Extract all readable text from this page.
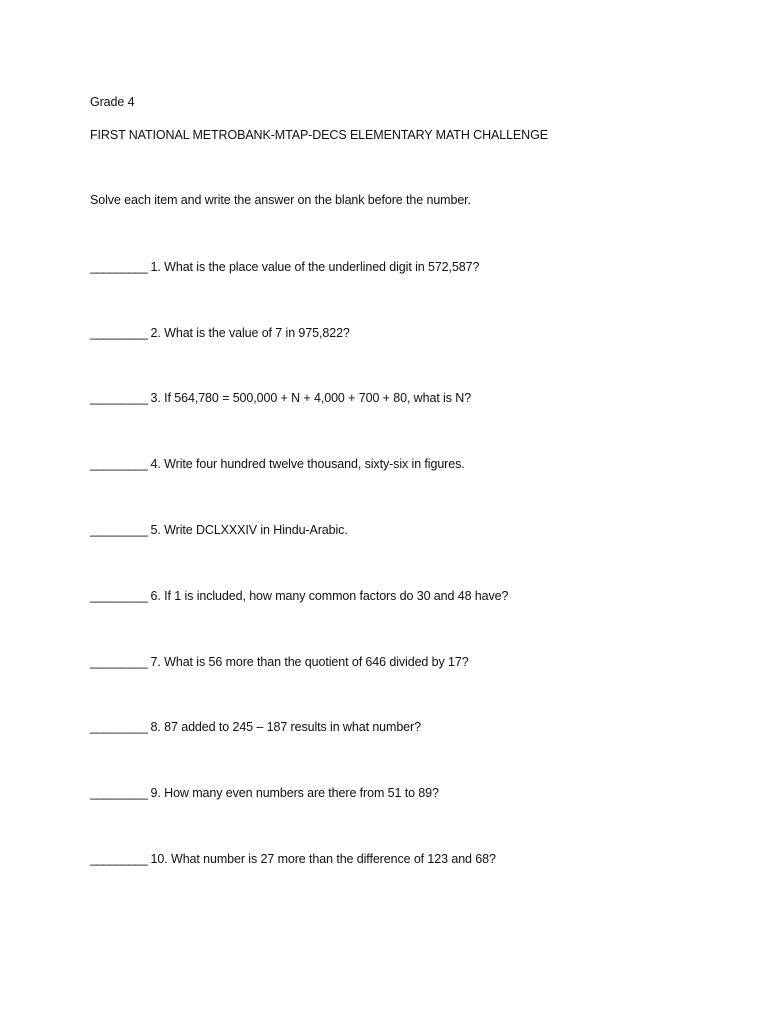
Grade 4
FIRST NATIONAL METROBANK-MTAP-DECS ELEMENTARY MATH CHALLENGE
Solve each item and write the answer on the blank before the number.
_________ 1. What is the place value of the underlined digit in 572,587?
_________ 2. What is the value of 7 in 975,822?
_________ 3. If 564,780 = 500,000 + N + 4,000 + 700 + 80, what is N?
_________ 4. Write four hundred twelve thousand, sixty-six in figures.
_________ 5. Write DCLXXXIV in Hindu-Arabic.
_________ 6. If 1 is included, how many common factors do 30 and 48 have?
_________ 7. What is 56 more than the quotient of 646 divided by 17?
_________ 8. 87 added to 245 – 187 results in what number?
_________ 9. How many even numbers are there from 51 to 89?
_________ 10. What number is 27 more than the difference of 123 and 68?
